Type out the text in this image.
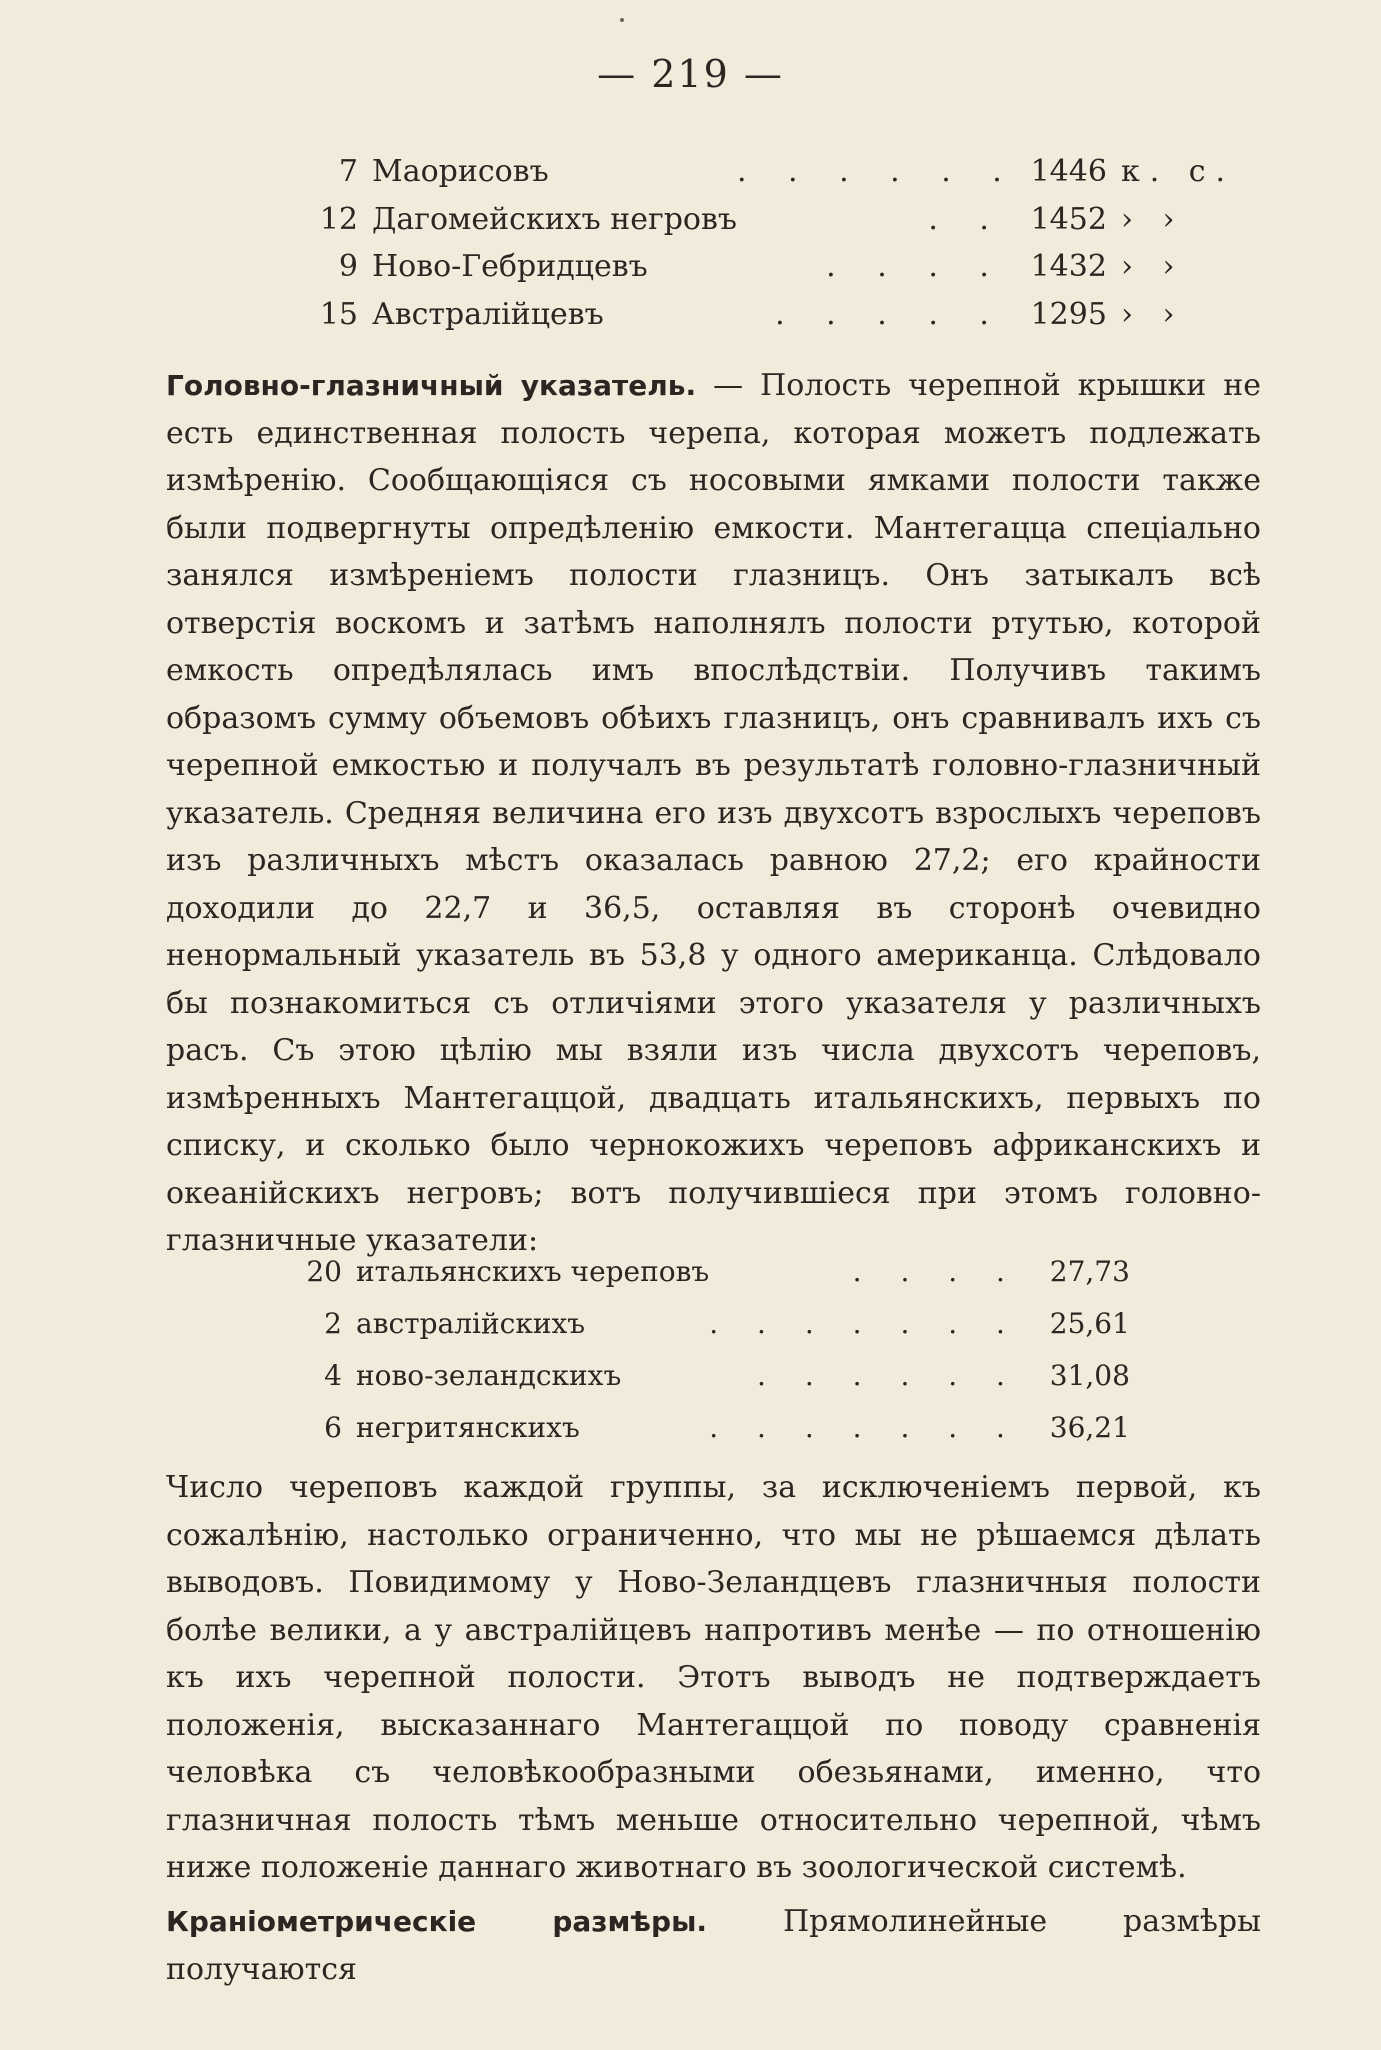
— 219 —
7	Маорисовъ	. . . . . .	1446	к. с.
12	Дагомейскихъ негровъ	. .	1452	› ›
9	Ново-Гебридцевъ	. . . .	1432	› ›
15	Австралійцевъ	. . . . .	1295	› ›

Головно-глазничный указатель. — Полость черепной крышки не есть единственная полость черепа, которая можетъ подлежать измѣренію. Сообщающіяся съ носовыми ямками полости также были подвергнуты опредѣленію емкости. Мантегацца спеціально занялся измѣреніемъ полости глазницъ. Онъ затыкалъ всѣ отверстія воскомъ и затѣмъ наполнялъ полости ртутью, которой емкость опредѣлялась имъ впослѣдствіи. Получивъ такимъ образомъ сумму объемовъ обѣихъ глазницъ, онъ сравнивалъ ихъ съ черепной емкостью и получалъ въ результатѣ головно-глазничный указатель. Средняя величина его изъ двухсотъ взрослыхъ череповъ изъ различныхъ мѣстъ оказалась равною 27,2; его крайности доходили до 22,7 и 36,5, оставляя въ сторонѣ очевидно ненормальный указатель въ 53,8 у одного американца. Слѣдовало бы познакомиться съ отличіями этого указателя у различныхъ расъ. Съ этою цѣлію мы взяли изъ числа двухсотъ череповъ, измѣренныхъ Мантегаццой, двадцать итальянскихъ, первыхъ по списку, и сколько было чернокожихъ череповъ африканскихъ и океанійскихъ негровъ; вотъ получившіеся при этомъ головно-глазничные указатели:

20	итальянскихъ череповъ	. . . .	27,73
2	австралійскихъ	. . . . . . .	25,61
4	ново-зеландскихъ	. . . . . .	31,08
6	негритянскихъ	. . . . . . .	36,21

Число череповъ каждой группы, за исключеніемъ первой, къ сожалѣнію, настолько ограниченно, что мы не рѣшаемся дѣлать выводовъ. Повидимому у Ново-Зеландцевъ глазничныя полости болѣе велики, а у австралійцевъ напротивъ менѣе — по отношенію къ ихъ черепной полости. Этотъ выводъ не подтверждаетъ положенія, высказаннаго Мантегаццой по поводу сравненія человѣка съ человѣкообразными обезьянами, именно, что глазничная полость тѣмъ меньше относительно черепной, чѣмъ ниже положеніе даннаго животнаго въ зоологической системѣ.

Краніометрическіе размѣры. Прямолинейные размѣры получаются
